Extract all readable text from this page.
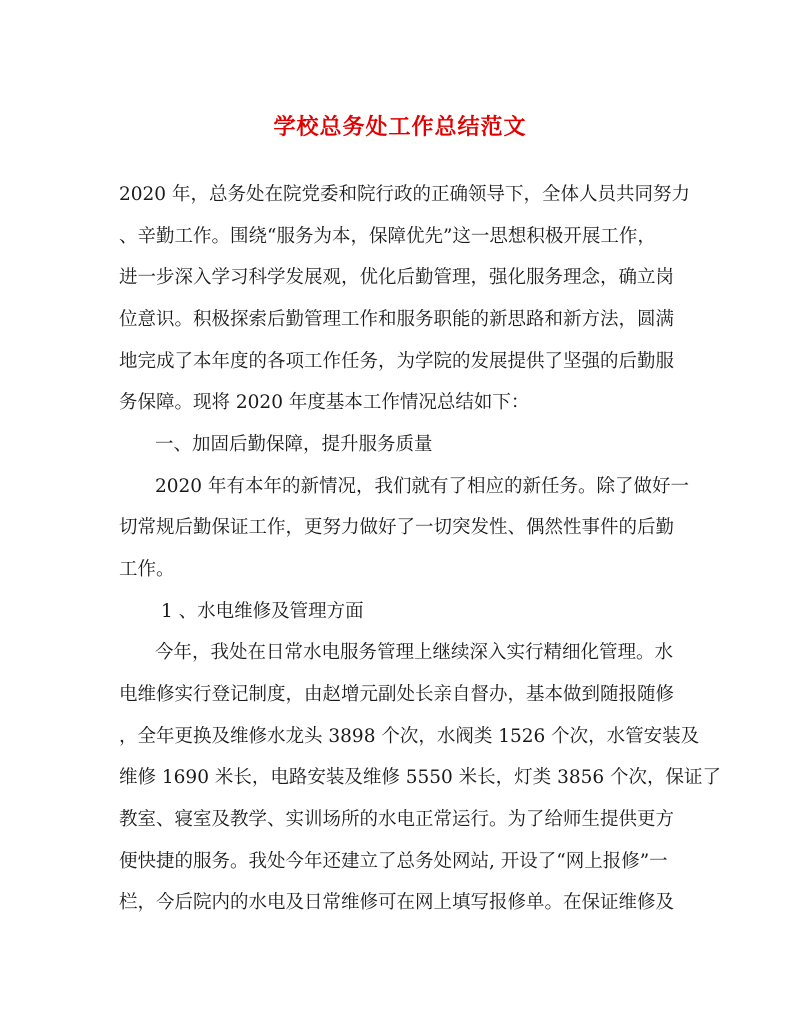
学校总务处工作总结范文
2020 年，总务处在院党委和院行政的正确领导下，全体人员共同努力
、辛勤工作。围绕“服务为本，保障优先”这一思想积极开展工作，
进一步深入学习科学发展观，优化后勤管理，强化服务理念，确立岗
位意识。积极探索后勤管理工作和服务职能的新思路和新方法，圆满
地完成了本年度的各项工作任务，为学院的发展提供了坚强的后勤服
务保障。现将 2020 年度基本工作情况总结如下：
一、加固后勤保障，提升服务质量
2020 年有本年的新情况，我们就有了相应的新任务。除了做好一
切常规后勤保证工作，更努力做好了一切突发性、偶然性事件的后勤
工作。
1 、水电维修及管理方面
今年，我处在日常水电服务管理上继续深入实行精细化管理。水
电维修实行登记制度，由赵增元副处长亲自督办，基本做到随报随修
，全年更换及维修水龙头 3898 个次，水阀类 1526 个次，水管安装及
维修 1690 米长，电路安装及维修 5550 米长，灯类 3856 个次，保证了
教室、寝室及教学、实训场所的水电正常运行。为了给师生提供更方
便快捷的服务。我处今年还建立了总务处网站, 开设了“网上报修”一
栏，今后院内的水电及日常维修可在网上填写报修单。在保证维修及
